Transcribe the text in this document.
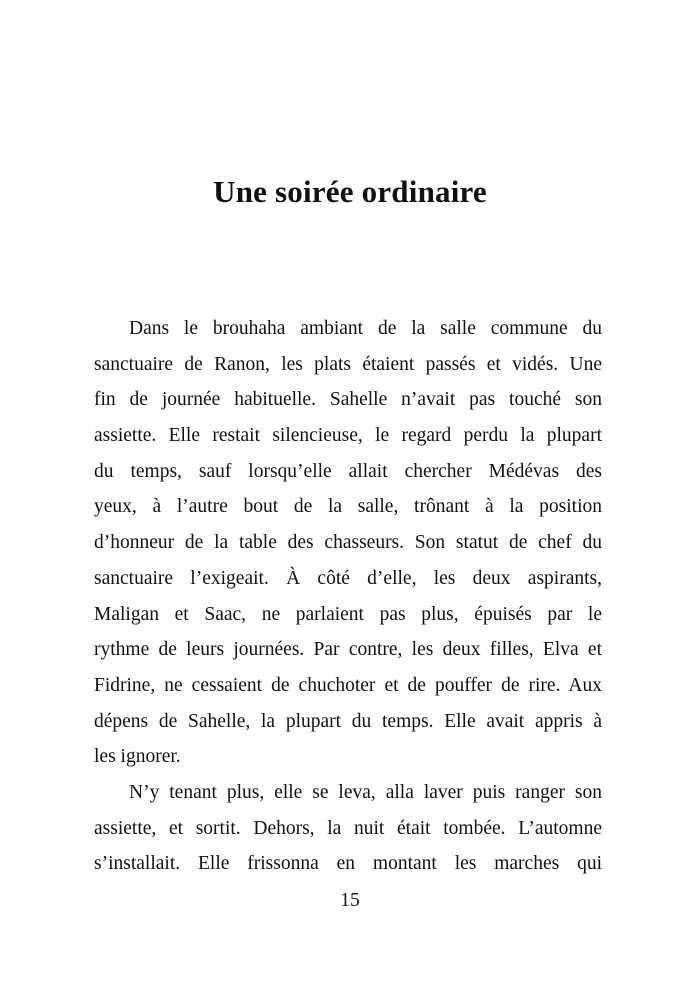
Une soirée ordinaire
Dans le brouhaha ambiant de la salle commune du
sanctuaire de Ranon, les plats étaient passés et vidés. Une
fin de journée habituelle. Sahelle n’avait pas touché son
assiette. Elle restait silencieuse, le regard perdu la plupart
du temps, sauf lorsqu’elle allait chercher Médévas des
yeux, à l’autre bout de la salle, trônant à la position
d’honneur de la table des chasseurs. Son statut de chef du
sanctuaire l’exigeait. À côté d’elle, les deux aspirants,
Maligan et Saac, ne parlaient pas plus, épuisés par le
rythme de leurs journées. Par contre, les deux filles, Elva et
Fidrine, ne cessaient de chuchoter et de pouffer de rire. Aux
dépens de Sahelle, la plupart du temps. Elle avait appris à
les ignorer.
N’y tenant plus, elle se leva, alla laver puis ranger son
assiette, et sortit. Dehors, la nuit était tombée. L’automne
s’installait. Elle frissonna en montant les marches qui
15
